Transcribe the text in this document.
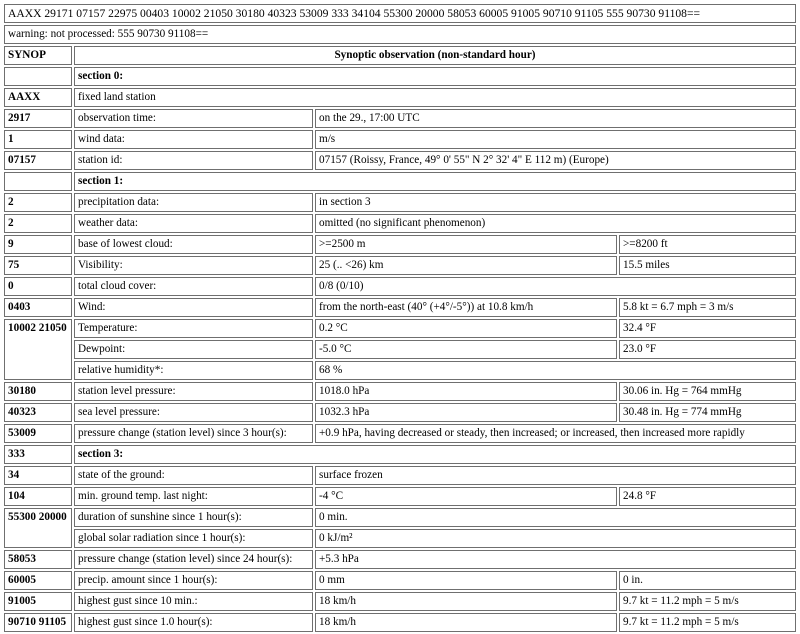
AAXX 29171 07157 22975 00403 10002 21050 30180 40323 53009 333 34104 55300 20000 58053 60005 91005 90710 91105 555 90730 91108==			
warning: not processed: 555 90730 91108==			
SYNOP	Synoptic observation (non-standard hour)		
	section 0:		
AAXX	fixed land station		
2917	observation time:	on the 29., 17:00 UTC	
1	wind data:	m/s	
07157	station id:	07157 (Roissy, France, 49° 0' 55" N 2° 32' 4" E 112 m) (Europe)	
	section 1:		
2	precipitation data:	in section 3	
2	weather data:	omitted (no significant phenomenon)	
9	base of lowest cloud:	>=2500 m	>=8200 ft
75	Visibility:	25 (.. <26) km	15.5 miles
0	total cloud cover:	0/8 (0/10)	
0403	Wind:	from the north-east (40° (+4°/-5°)) at 10.8 km/h	5.8 kt = 6.7 mph = 3 m/s
10002 21050	Temperature:	0.2 °C	32.4 °F
	Dewpoint:	-5.0 °C	23.0 °F
	relative humidity*:	68 %	
30180	station level pressure:	1018.0 hPa	30.06 in. Hg = 764 mmHg
40323	sea level pressure:	1032.3 hPa	30.48 in. Hg = 774 mmHg
53009	pressure change (station level) since 3 hour(s):	+0.9 hPa, having decreased or steady, then increased; or increased, then increased more rapidly	
333	section 3:		
34	state of the ground:	surface frozen	
104	min. ground temp. last night:	-4 °C	24.8 °F
55300 20000	duration of sunshine since 1 hour(s):	0 min.	
	global solar radiation since 1 hour(s):	0 kJ/m²	
58053	pressure change (station level) since 24 hour(s):	+5.3 hPa	
60005	precip. amount since 1 hour(s):	0 mm	0 in.
91005	highest gust since 10 min.:	18 km/h	9.7 kt = 11.2 mph = 5 m/s
90710 91105	highest gust since 1.0 hour(s):	18 km/h	9.7 kt = 11.2 mph = 5 m/s
